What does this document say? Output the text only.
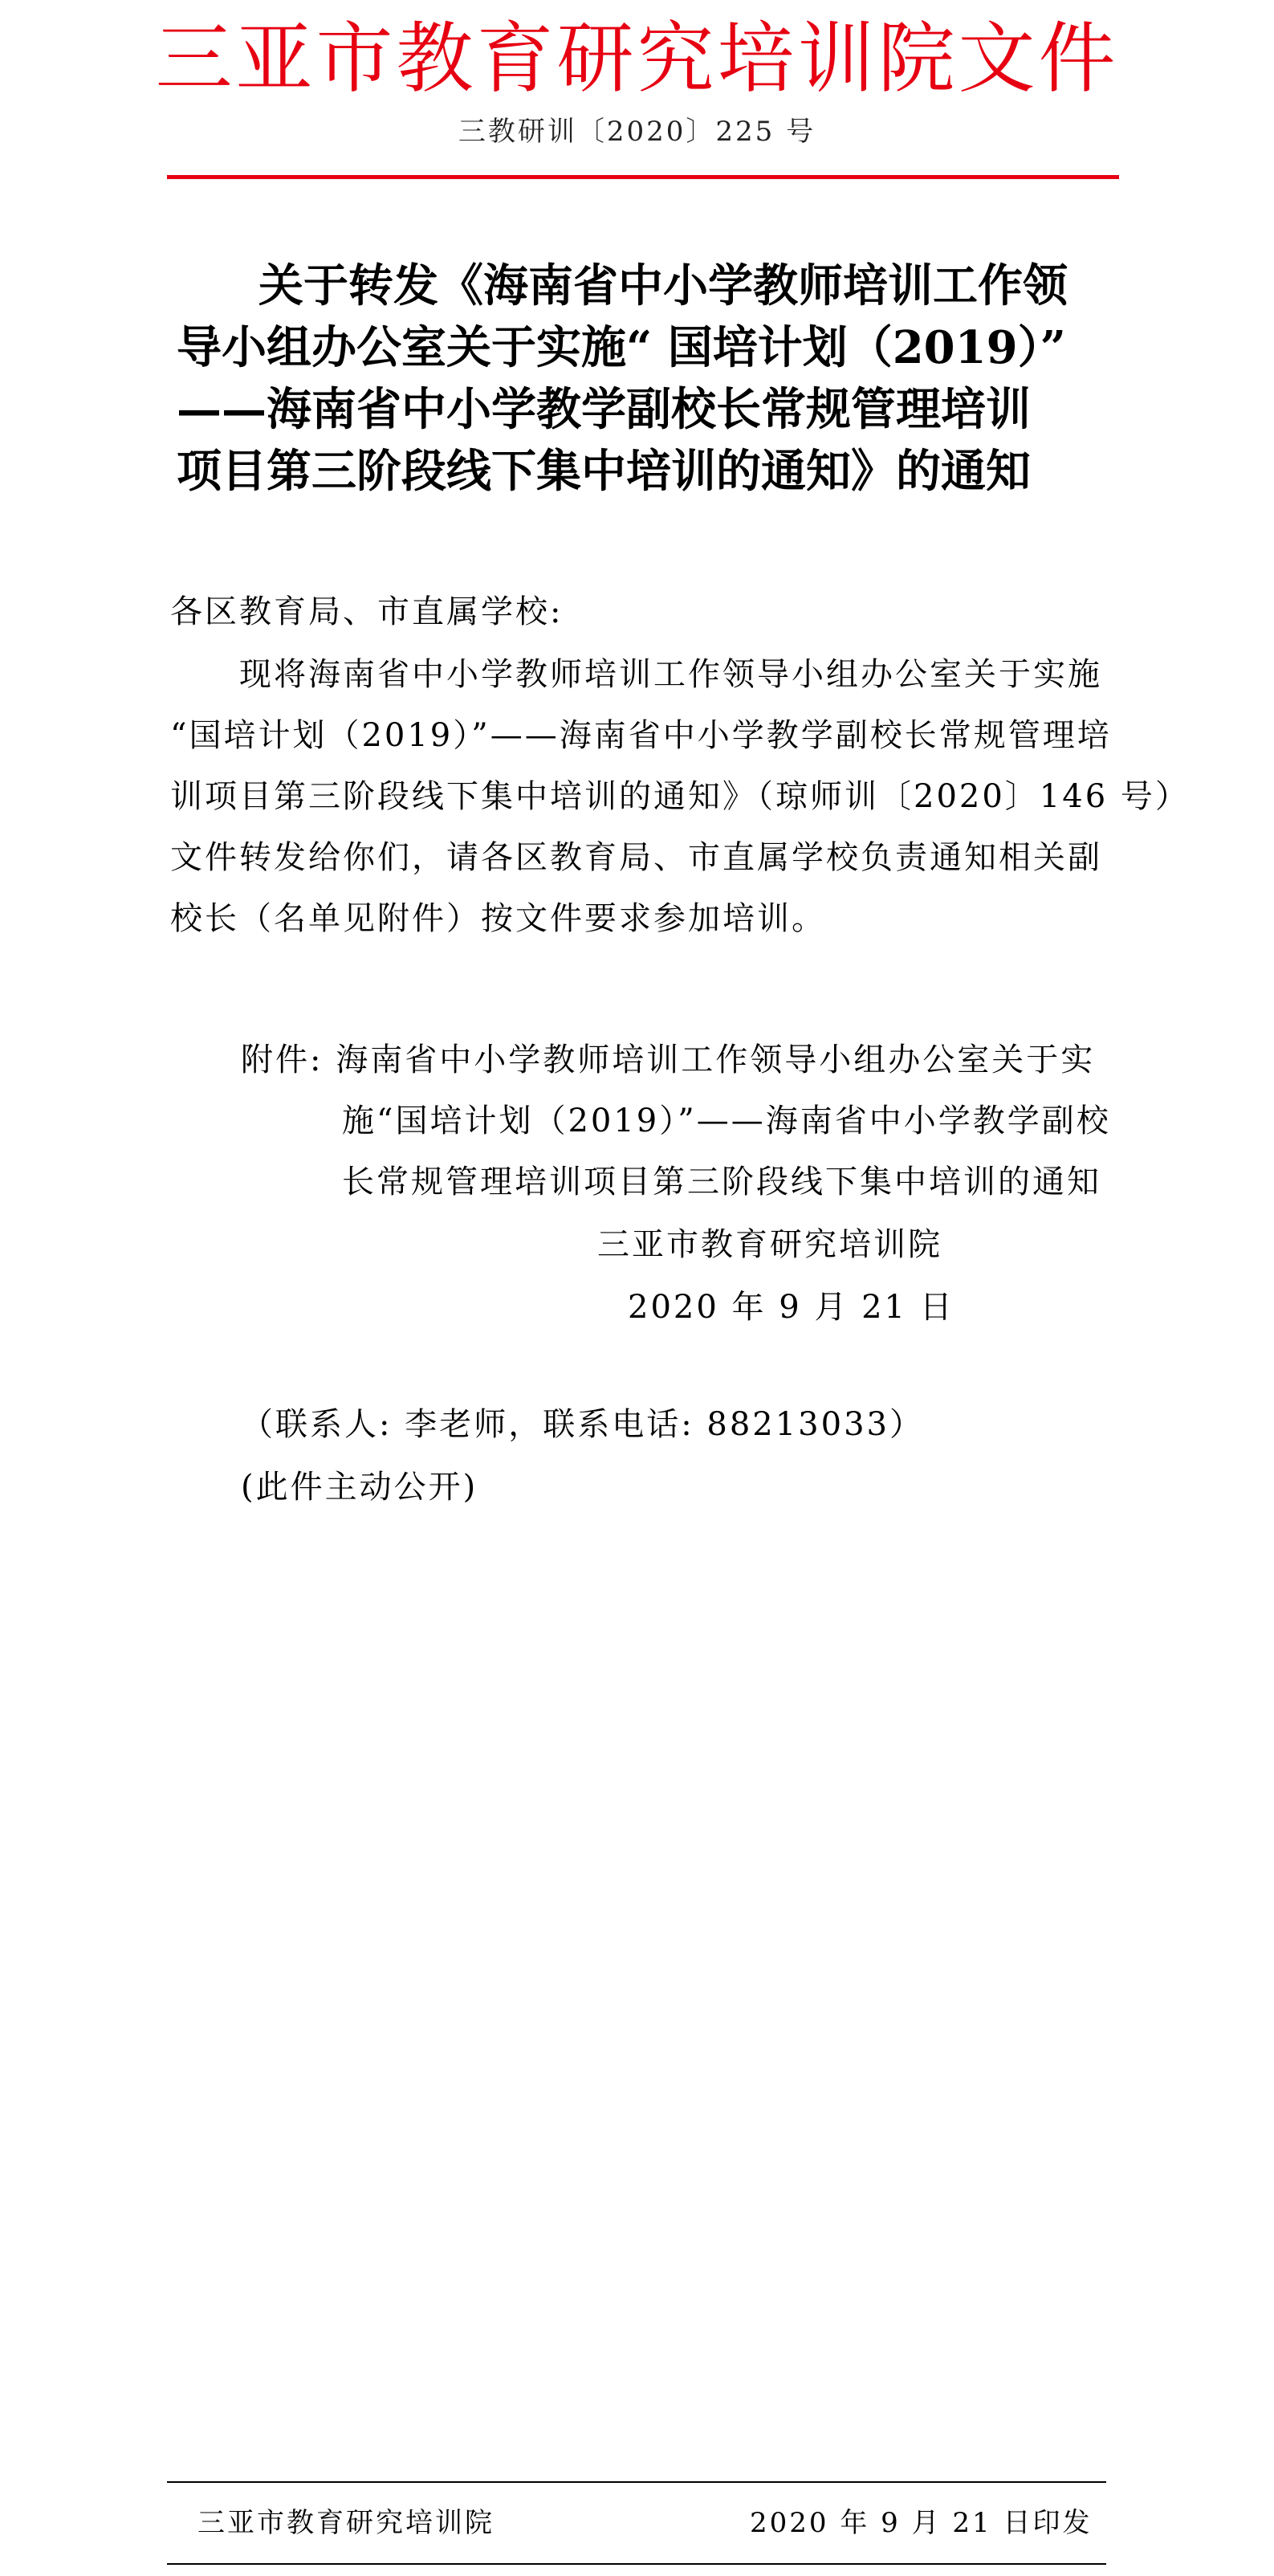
三亚市教育研究培训院文件
三教研训〔2020〕225 号
关于转发《海南省中小学教师培训工作领
导小组办公室关于实施“ 国培计划（2019）”
——海南省中小学教学副校长常规管理培训
项目第三阶段线下集中培训的通知》的通知
各区教育局、市直属学校:
现将海南省中小学教师培训工作领导小组办公室关于实施
“国培计划（2019）”——海南省中小学教学副校长常规管理培
训项目第三阶段线下集中培训的通知》（琼师训〔2020〕146 号）
文件转发给你们，请各区教育局、市直属学校负责通知相关副
校长（名单见附件）按文件要求参加培训。
附件: 海南省中小学教师培训工作领导小组办公室关于实
施“国培计划（2019）”——海南省中小学教学副校
长常规管理培训项目第三阶段线下集中培训的通知
三亚市教育研究培训院
2020 年 9 月 21 日
（联系人: 李老师，联系电话: 88213033）
(此件主动公开)
三亚市教育研究培训院	2020 年 9 月 21 日印发
